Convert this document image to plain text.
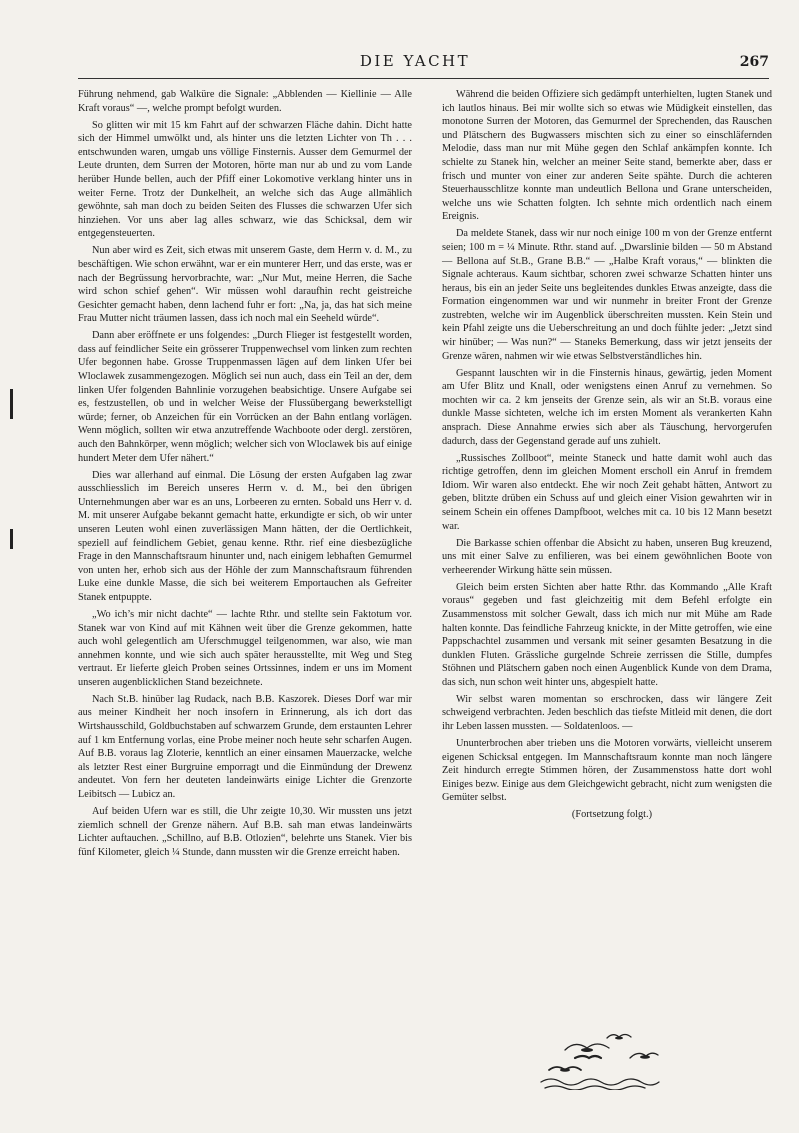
DIE YACHT	267

Führung nehmend, gab Walküre die Signale: „Abblenden — Kiellinie — Alle Kraft voraus“ —, welche prompt befolgt wurden.

So glitten wir mit 15 km Fahrt auf der schwarzen Fläche dahin. Dicht hatte sich der Himmel umwölkt und, als hinter uns die letzten Lichter von Th . . . entschwunden waren, umgab uns völlige Finsternis. Ausser dem Gemurmel der Leute drunten, dem Surren der Motoren, hörte man nur ab und zu vom Lande herüber Hunde bellen, auch der Pfiff einer Lokomotive verklang hinter uns in weiter Ferne. Trotz der Dunkelheit, an welche sich das Auge allmählich gewöhnte, sah man doch zu beiden Seiten des Flusses die schwarzen Ufer sich hinziehen. Vor uns aber lag alles schwarz, wie das Schicksal, dem wir entgegensteuerten.

Nun aber wird es Zeit, sich etwas mit unserem Gaste, dem Herrn v. d. M., zu beschäftigen. Wie schon erwähnt, war er ein munterer Herr, und das erste, was er nach der Begrüssung hervorbrachte, war: „Nur Mut, meine Herren, die Sache wird schon schief gehen“. Wir müssen wohl daraufhin recht geistreiche Gesichter gemacht haben, denn lachend fuhr er fort: „Na, ja, das hat sich meine Frau Mutter nicht träumen lassen, dass ich noch mal ein Seeheld würde“.

Dann aber eröffnete er uns folgendes: „Durch Flieger ist festgestellt worden, dass auf feindlicher Seite ein grösserer Truppenwechsel vom linken zum rechten Ufer begonnen habe. Grosse Truppenmassen lägen auf dem linken Ufer bei Wloclawek zusammengezogen. Möglich sei nun auch, dass ein Teil an der, dem linken Ufer folgenden Bahnlinie vorzugehen beabsichtige. Unsere Aufgabe sei es, festzustellen, ob und in welcher Weise der Flussübergang bewerkstelligt würde; ferner, ob Anzeichen für ein Vorrücken an der Bahn entlang vorlägen. Wenn möglich, sollten wir etwa anzutreffende Wachboote oder dergl. zerstören, auch den Bahnkörper, wenn möglich; welcher sich von Wloclawek bis auf einige hundert Meter dem Ufer nähert.“

Dies war allerhand auf einmal. Die Lösung der ersten Aufgaben lag zwar ausschliesslich im Bereich unseres Herrn v. d. M., bei den übrigen Unternehmungen aber war es an uns, Lorbeeren zu ernten. Sobald uns Herr v. d. M. mit unserer Aufgabe bekannt gemacht hatte, erkundigte er sich, ob wir unter unseren Leuten wohl einen zuverlässigen Mann hätten, der die Oertlichkeit, speziell auf feindlichem Gebiet, genau kenne. Rthr. rief eine diesbezügliche Frage in den Mannschaftsraum hinunter und, nach einigem lebhaften Gemurmel von unten her, erhob sich aus der Höhle der zum Mannschaftsraum führenden Luke eine dunkle Masse, die sich bei weiterem Emportauchen als Gefreiter Stanek entpuppte.

„Wo ich’s mir nicht dachte“ — lachte Rthr. und stellte sein Faktotum vor. Stanek war von Kind auf mit Kähnen weit über die Grenze gekommen, hatte auch wohl gelegentlich am Uferschmuggel teilgenommen, war also, wie man annehmen konnte, und wie sich auch später herausstellte, mit Weg und Steg vertraut. Er lieferte gleich Proben seines Ortssinnes, indem er uns im Moment unseren augenblicklichen Stand bezeichnete.

Nach St.B. hinüber lag Rudack, nach B.B. Kaszorek. Dieses Dorf war mir aus meiner Kindheit her noch insofern in Erinnerung, als ich dort das Wirtshausschild, Goldbuchstaben auf schwarzem Grunde, dem erstaunten Lehrer auf 1 km Entfernung vorlas, eine Probe meiner noch heute sehr scharfen Augen. Auf B.B. voraus lag Zloterie, kenntlich an einer einsamen Mauerzacke, welche als letzter Rest einer Burgruine emporragt und die Einmündung der Drewenz andeutet. Von fern her deuteten landeinwärts einige Lichter die Grenzorte Leibitsch — Lubicz an.

Auf beiden Ufern war es still, die Uhr zeigte 10,30. Wir mussten uns jetzt ziemlich schnell der Grenze nähern. Auf B.B. sah man etwas landeinwärts Lichter auftauchen. „Schillno, auf B.B. Otlozien“, belehrte uns Stanek. Vier bis fünf Kilometer, gleich ¼ Stunde, dann mussten wir die Grenze erreicht haben.

Während die beiden Offiziere sich gedämpft unterhielten, lugten Stanek und ich lautlos hinaus. Bei mir wollte sich so etwas wie Müdigkeit einstellen, das monotone Surren der Motoren, das Gemurmel der Sprechenden, das Rauschen und Plätschern des Bugwassers mischten sich zu einer so einschläfernden Melodie, dass man nur mit Mühe gegen den Schlaf ankämpfen konnte. Ich schielte zu Stanek hin, welcher an meiner Seite stand, bemerkte aber, dass er frisch und munter von einer zur anderen Seite spähte. Durch die achteren Steuerhausschlitze konnte man undeutlich Bellona und Grane unterscheiden, welche uns wie Schatten folgten. Ich sehnte mich ordentlich nach einem Ereignis.

Da meldete Stanek, dass wir nur noch einige 100 m von der Grenze entfernt seien; 100 m = ¼ Minute. Rthr. stand auf. „Dwarslinie bilden — 50 m Abstand — Bellona auf St.B., Grane B.B.“ — „Halbe Kraft voraus,“ — blinkten die Signale achteraus. Kaum sichtbar, schoren zwei schwarze Schatten hinter uns heraus, bis ein an jeder Seite uns begleitendes dunkles Etwas anzeigte, dass die Formation eingenommen war und wir nunmehr in breiter Front der Grenze zustrebten, welche wir im Augenblick überschreiten mussten. Kein Stein und kein Pfahl zeigte uns die Ueberschreitung an und doch fühlte jeder: „Jetzt sind wir hinüber; — Was nun?“ — Staneks Bemerkung, dass wir jetzt jenseits der Grenze wären, nahmen wir wie etwas Selbstverständliches hin.

Gespannt lauschten wir in die Finsternis hinaus, gewärtig, jeden Moment am Ufer Blitz und Knall, oder wenigstens einen Anruf zu vernehmen. So mochten wir ca. 2 km jenseits der Grenze sein, als wir an St.B. voraus eine dunkle Masse sichteten, welche ich im ersten Moment als verankerten Kahn ansprach. Diese Annahme erwies sich aber als Täuschung, hervorgerufen dadurch, dass der Gegenstand gerade auf uns zuhielt.

„Russisches Zollboot“, meinte Staneck und hatte damit wohl auch das richtige getroffen, denn im gleichen Moment erscholl ein Anruf in fremdem Idiom. Wir waren also entdeckt. Ehe wir noch Zeit gehabt hätten, Antwort zu geben, blitzte drüben ein Schuss auf und gleich einer Vision gewahrten wir in seinem Schein ein offenes Dampfboot, welches mit ca. 10 bis 12 Mann besetzt war.

Die Barkasse schien offenbar die Absicht zu haben, unseren Bug kreuzend, uns mit einer Salve zu enfilieren, was bei einem gewöhnlichen Boote von verheerender Wirkung hätte sein müssen.

Gleich beim ersten Sichten aber hatte Rthr. das Kommando „Alle Kraft voraus“ gegeben und fast gleichzeitig mit dem Befehl erfolgte ein Zusammenstoss mit solcher Gewalt, dass ich mich nur mit Mühe am Rade halten konnte. Das feindliche Fahrzeug knickte, in der Mitte getroffen, wie eine Pappschachtel zusammen und versank mit seiner gesamten Besatzung in die dunklen Fluten. Grässliche gurgelnde Schreie zerrissen die Stille, dumpfes Stöhnen und Plätschern gaben noch einen Augenblick Kunde von dem Drama, das sich, nun schon weit hinter uns, abgespielt hatte.

Wir selbst waren momentan so erschrocken, dass wir längere Zeit schweigend verbrachten. Jeden beschlich das tiefste Mitleid mit denen, die dort ihr Leben lassen mussten. — Soldatenloos. —

Ununterbrochen aber trieben uns die Motoren vorwärts, vielleicht unserem eigenen Schicksal entgegen. Im Mannschaftsraum konnte man noch längere Zeit hindurch erregte Stimmen hören, der Zusammenstoss hatte dort wohl Einiges bezw. Einige aus dem Gleichgewicht gebracht, nicht zum wenigsten die Gemüter selbst.

(Fortsetzung folgt.)
